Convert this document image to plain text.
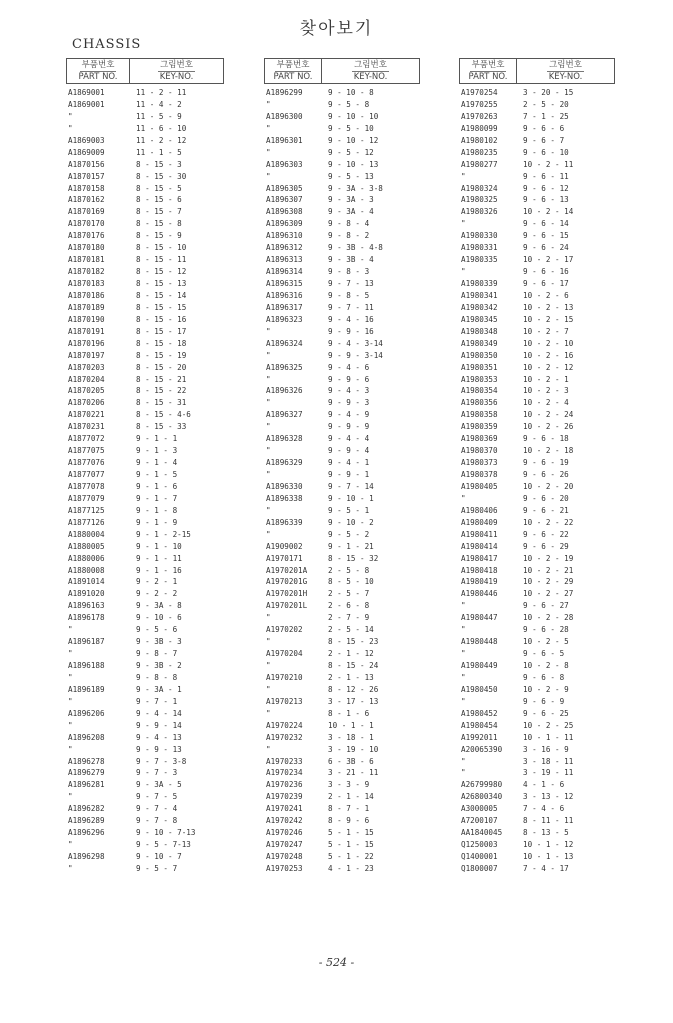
찾아보기
CHASSIS
부품번호
PART NO.
그림번호
KEY-NO.
A1869001	11 - 2 - 11
A1869001	11 - 4 - 2
"	11 - 5 - 9
"	11 - 6 - 10
A1869003	11 - 2 - 12
A1869009	11 - 1 - 5
A1870156	8 - 15 - 3
A1870157	8 - 15 - 30
A1870158	8 - 15 - 5
A1870162	8 - 15 - 6
A1870169	8 - 15 - 7
A1870170	8 - 15 - 8
A1870176	8 - 15 - 9
A1870180	8 - 15 - 10
A1870181	8 - 15 - 11
A1870182	8 - 15 - 12
A1870183	8 - 15 - 13
A1870186	8 - 15 - 14
A1870189	8 - 15 - 15
A1870190	8 - 15 - 16
A1870191	8 - 15 - 17
A1870196	8 - 15 - 18
A1870197	8 - 15 - 19
A1870203	8 - 15 - 20
A1870204	8 - 15 - 21
A1870205	8 - 15 - 22
A1870206	8 - 15 - 31
A1870221	8 - 15 - 4-6
A1870231	8 - 15 - 33
A1877072	9 - 1 - 1
A1877075	9 - 1 - 3
A1877076	9 - 1 - 4
A1877077	9 - 1 - 5
A1877078	9 - 1 - 6
A1877079	9 - 1 - 7
A1877125	9 - 1 - 8
A1877126	9 - 1 - 9
A1880004	9 - 1 - 2-15
A1880005	9 - 1 - 10
A1880006	9 - 1 - 11
A1880008	9 - 1 - 16
A1891014	9 - 2 - 1
A1891020	9 - 2 - 2
A1896163	9 - 3A - 8
A1896178	9 - 10 - 6
"	9 - 5 - 6
A1896187	9 - 3B - 3
"	9 - 8 - 7
A1896188	9 - 3B - 2
"	9 - 8 - 8
A1896189	9 - 3A - 1
"	9 - 7 - 1
A1896206	9 - 4 - 14
"	9 - 9 - 14
A1896208	9 - 4 - 13
"	9 - 9 - 13
A1896278	9 - 7 - 3-8
A1896279	9 - 7 - 3
A1896281	9 - 3A - 5
"	9 - 7 - 5
A1896282	9 - 7 - 4
A1896289	9 - 7 - 8
A1896296	9 - 10 - 7-13
"	9 - 5 - 7-13
A1896298	9 - 10 - 7
"	9 - 5 - 7
부품번호
PART NO.
그림번호
KEY-NO.
A1896299	9 - 10 - 8
"	9 - 5 - 8
A1896300	9 - 10 - 10
"	9 - 5 - 10
A1896301	9 - 10 - 12
"	9 - 5 - 12
A1896303	9 - 10 - 13
"	9 - 5 - 13
A1896305	9 - 3A - 3-8
A1896307	9 - 3A - 3
A1896308	9 - 3A - 4
A1896309	9 - 8 - 4
A1896310	9 - 8 - 2
A1896312	9 - 3B - 4-8
A1896313	9 - 3B - 4
A1896314	9 - 8 - 3
A1896315	9 - 7 - 13
A1896316	9 - 8 - 5
A1896317	9 - 7 - 11
A1896323	9 - 4 - 16
"	9 - 9 - 16
A1896324	9 - 4 - 3-14
"	9 - 9 - 3-14
A1896325	9 - 4 - 6
"	9 - 9 - 6
A1896326	9 - 4 - 3
"	9 - 9 - 3
A1896327	9 - 4 - 9
"	9 - 9 - 9
A1896328	9 - 4 - 4
"	9 - 9 - 4
A1896329	9 - 4 - 1
"	9 - 9 - 1
A1896330	9 - 7 - 14
A1896338	9 - 10 - 1
"	9 - 5 - 1
A1896339	9 - 10 - 2
"	9 - 5 - 2
A1909002	9 - 1 - 21
A1970171	8 - 15 - 32
A1970201A	2 - 5 - 8
A1970201G	8 - 5 - 10
A1970201H	2 - 5 - 7
A1970201L	2 - 6 - 8
"	2 - 7 - 9
A1970202	2 - 5 - 14
"	8 - 15 - 23
A1970204	2 - 1 - 12
"	8 - 15 - 24
A1970210	2 - 1 - 13
"	8 - 12 - 26
A1970213	3 - 17 - 13
"	8 - 1 - 6
A1970224	10 - 1 - 1
A1970232	3 - 18 - 1
"	3 - 19 - 10
A1970233	6 - 3B - 6
A1970234	3 - 21 - 11
A1970236	3 - 3 - 9
A1970239	2 - 1 - 14
A1970241	8 - 7 - 1
A1970242	8 - 9 - 6
A1970246	5 - 1 - 15
A1970247	5 - 1 - 15
A1970248	5 - 1 - 22
A1970253	4 - 1 - 23
부품번호
PART NO.
그림번호
KEY-NO.
A1970254	3 - 20 - 15
A1970255	2 - 5 - 20
A1970263	7 - 1 - 25
A1980099	9 - 6 - 6
A1980102	9 - 6 - 7
A1980235	9 - 6 - 10
A1980277	10 - 2 - 11
"	9 - 6 - 11
A1980324	9 - 6 - 12
A1980325	9 - 6 - 13
A1980326	10 - 2 - 14
"	9 - 6 - 14
A1980330	9 - 6 - 15
A1980331	9 - 6 - 24
A1980335	10 - 2 - 17
"	9 - 6 - 16
A1980339	9 - 6 - 17
A1980341	10 - 2 - 6
A1980342	10 - 2 - 13
A1980345	10 - 2 - 15
A1980348	10 - 2 - 7
A1980349	10 - 2 - 10
A1980350	10 - 2 - 16
A1980351	10 - 2 - 12
A1980353	10 - 2 - 1
A1980354	10 - 2 - 3
A1980356	10 - 2 - 4
A1980358	10 - 2 - 24
A1980359	10 - 2 - 26
A1980369	9 - 6 - 18
A1980370	10 - 2 - 18
A1980373	9 - 6 - 19
A1980378	9 - 6 - 26
A1980405	10 - 2 - 20
"	9 - 6 - 20
A1980406	9 - 6 - 21
A1980409	10 - 2 - 22
A1980411	9 - 6 - 22
A1980414	9 - 6 - 29
A1980417	10 - 2 - 19
A1980418	10 - 2 - 21
A1980419	10 - 2 - 29
A1980446	10 - 2 - 27
"	9 - 6 - 27
A1980447	10 - 2 - 28
"	9 - 6 - 28
A1980448	10 - 2 - 5
"	9 - 6 - 5
A1980449	10 - 2 - 8
"	9 - 6 - 8
A1980450	10 - 2 - 9
"	9 - 6 - 9
A1980452	9 - 6 - 25
A1980454	10 - 2 - 25
A1992011	10 - 1 - 11
A20065390	3 - 16 - 9
"	3 - 18 - 11
"	3 - 19 - 11
A26799980	4 - 1 - 6
A26800340	3 - 13 - 12
A3000005	7 - 4 - 6
A7200107	8 - 11 - 11
AA1840045	8 - 13 - 5
Q1250003	10 - 1 - 12
Q1400001	10 - 1 - 13
Q1800007	7 - 4 - 17
- 524 -
